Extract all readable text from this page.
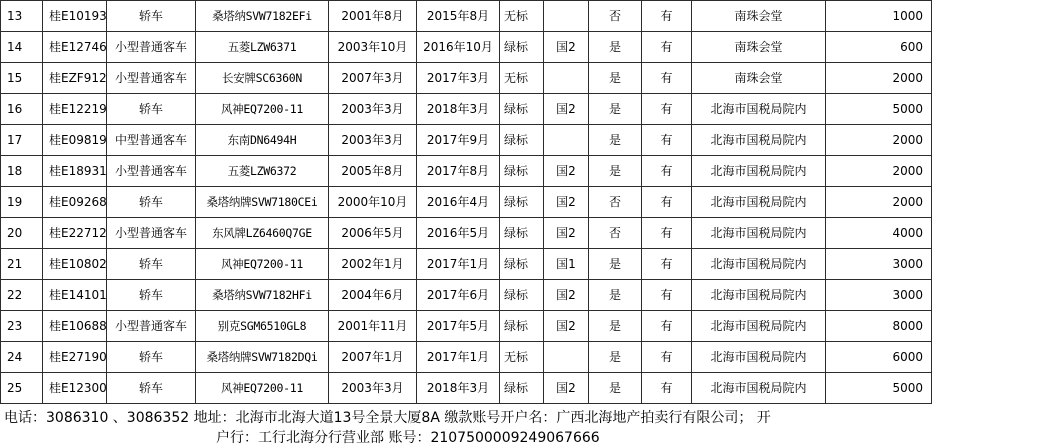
13	桂E10193	轿车	桑塔纳SVW7182EFi	2001年8月	2015年8月	无标		否	有	南珠会堂	1000
14	桂E12746	小型普通客车	五菱LZW6371	2003年10月	2016年10月	绿标	国2	是	有	南珠会堂	600
15	桂EZF912	小型普通客车	长安牌SC6360N	2007年3月	2017年3月	无标		是	有	南珠会堂	2000
16	桂E12219	轿车	风神EQ7200-11	2003年3月	2018年3月	绿标	国2	是	有	北海市国税局院内	5000
17	桂E09819	中型普通客车	东南DN6494H	2003年3月	2017年9月	绿标		是	有	北海市国税局院内	2000
18	桂E18931	小型普通客车	五菱LZW6372	2005年8月	2017年8月	绿标	国2	是	有	北海市国税局院内	2000
19	桂E09268	轿车	桑塔纳牌SVW7180CEi	2000年10月	2016年4月	绿标	国2	否	有	北海市国税局院内	2000
20	桂E22712	小型普通客车	东风牌LZ6460Q7GE	2006年5月	2016年5月	绿标	国2	否	有	北海市国税局院内	4000
21	桂E10802	轿车	风神EQ7200-11	2002年1月	2017年1月	绿标	国1	是	有	北海市国税局院内	3000
22	桂E14101	轿车	桑塔纳SVW7182HFi	2004年6月	2017年6月	绿标	国2	是	有	北海市国税局院内	3000
23	桂E10688	小型普通客车	别克SGM6510GL8	2001年11月	2017年5月	绿标	国2	是	有	北海市国税局院内	8000
24	桂E27190	轿车	桑塔纳牌SVW7182DQi	2007年1月	2017年1月	无标		是	有	北海市国税局院内	6000
25	桂E12300	轿车	风神EQ7200-11	2003年3月	2018年3月	绿标	国2	是	有	北海市国税局院内	5000
电话：3086310 、3086352 地址：北海市北海大道13号全景大厦8A 缴款账号开户名：广西北海地产拍卖行有限公司； 开
户行：工行北海分行营业部 账号：2107500009249067666
